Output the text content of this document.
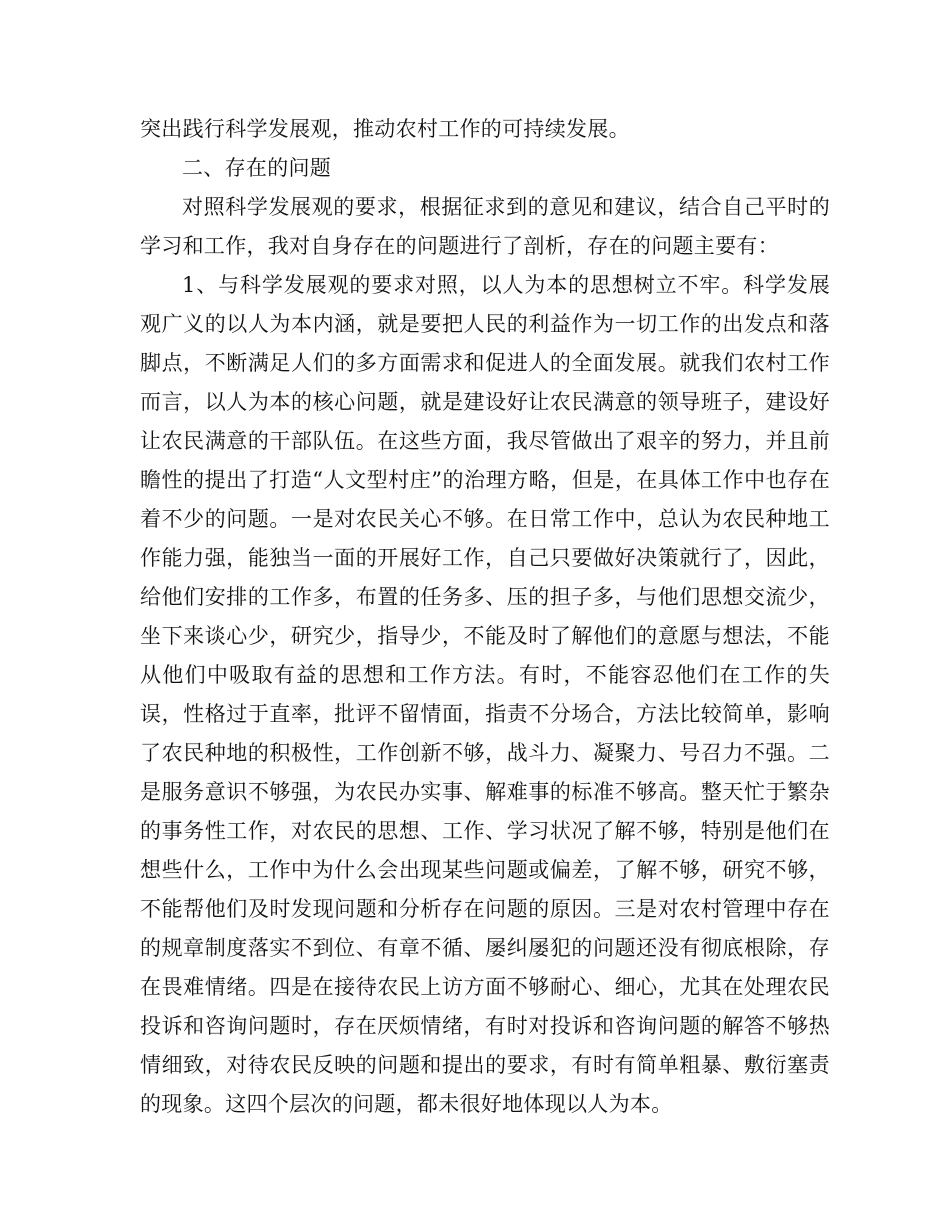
突出践行科学发展观，推动农村工作的可持续发展。

二、存在的问题

对照科学发展观的要求，根据征求到的意见和建议，结合自己平时的学习和工作，我对自身存在的问题进行了剖析，存在的问题主要有：

1、与科学发展观的要求对照，以人为本的思想树立不牢。科学发展观广义的以人为本内涵，就是要把人民的利益作为一切工作的出发点和落脚点，不断满足人们的多方面需求和促进人的全面发展。就我们农村工作而言，以人为本的核心问题，就是建设好让农民满意的领导班子，建设好让农民满意的干部队伍。在这些方面，我尽管做出了艰辛的努力，并且前瞻性的提出了打造“人文型村庄”的治理方略，但是，在具体工作中也存在着不少的问题。一是对农民关心不够。在日常工作中，总认为农民种地工作能力强，能独当一面的开展好工作，自己只要做好决策就行了，因此，给他们安排的工作多，布置的任务多、压的担子多，与他们思想交流少，坐下来谈心少，研究少，指导少，不能及时了解他们的意愿与想法，不能从他们中吸取有益的思想和工作方法。有时，不能容忍他们在工作的失误，性格过于直率，批评不留情面，指责不分场合，方法比较简单，影响了农民种地的积极性，工作创新不够，战斗力、凝聚力、号召力不强。二是服务意识不够强，为农民办实事、解难事的标准不够高。整天忙于繁杂的事务性工作，对农民的思想、工作、学习状况了解不够，特别是他们在想些什么，工作中为什么会出现某些问题或偏差，了解不够，研究不够，不能帮他们及时发现问题和分析存在问题的原因。三是对农村管理中存在的规章制度落实不到位、有章不循、屡纠屡犯的问题还没有彻底根除，存在畏难情绪。四是在接待农民上访方面不够耐心、细心，尤其在处理农民投诉和咨询问题时，存在厌烦情绪，有时对投诉和咨询问题的解答不够热情细致，对待农民反映的问题和提出的要求，有时有简单粗暴、敷衍塞责的现象。这四个层次的问题，都未很好地体现以人为本。
